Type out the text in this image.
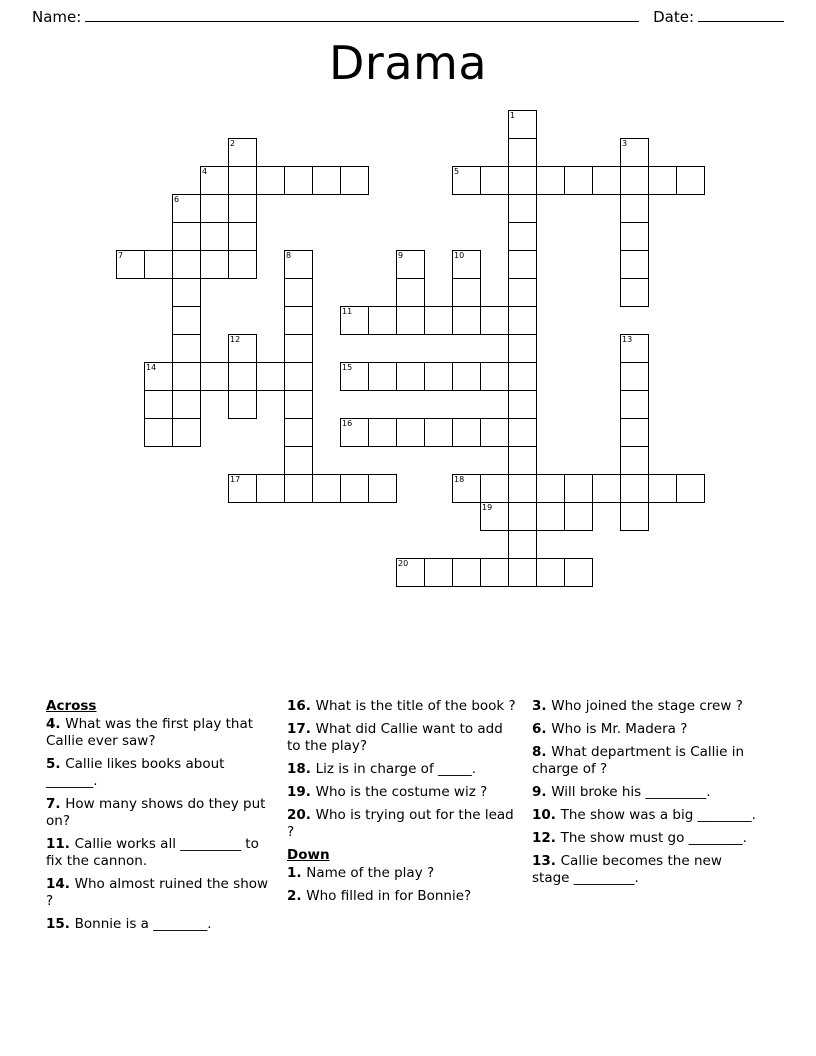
Name:	Date:
Drama
1
2	3
4	5
6
7	8	9	10
11
12	13
14	15
16
17	18
19
20
Across
4. What was the first play that Callie ever saw?
5. Callie likes books about _______.
7. How many shows do they put on?
11. Callie works all _________ to fix the cannon.
14. Who almost ruined the show ?
15. Bonnie is a ________.
16. What is the title of the book ?
17. What did Callie want to add to the play?
18. Liz is in charge of _____.
19. Who is the costume wiz ?
20. Who is trying out for the lead ?
Down
1. Name of the play ?
2. Who filled in for Bonnie?
3. Who joined the stage crew ?
6. Who is Mr. Madera ?
8. What department is Callie in charge of ?
9. Will broke his _________.
10. The show was a big ________.
12. The show must go ________.
13. Callie becomes the new stage _________.
